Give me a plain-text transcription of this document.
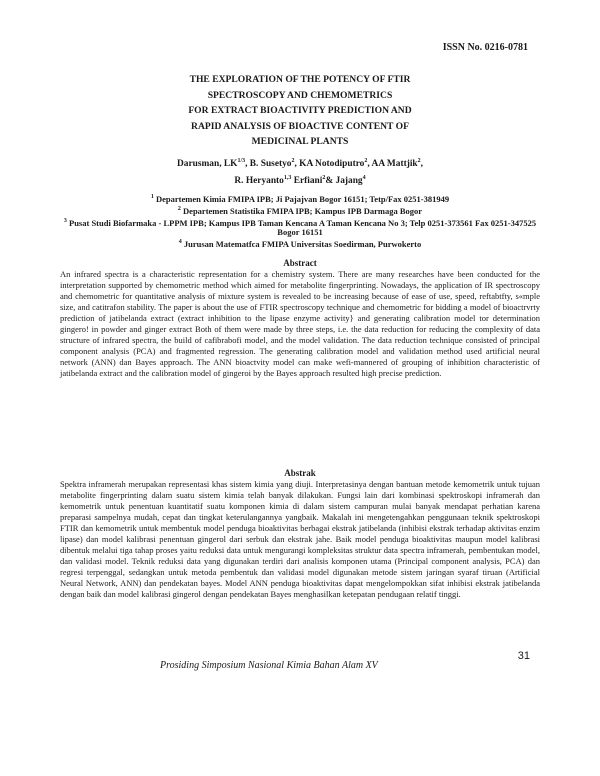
ISSN No. 0216-0781
THE EXPLORATION OF THE POTENCY OF FTIR
SPECTROSCOPY AND CHEMOMETRICS
FOR EXTRACT BIOACTIVITY PREDICTION AND
RAPID ANALYSIS OF BIOACTIVE CONTENT OF
MEDICINAL PLANTS
Darusman, $LK^{1/3}$, B. Susetyo$^2$, KA Notodiputro$^2$, AA Mattjik$^2$,
R. Heryanto$^{1,3}$ Erfiani$^2$& Jajang$^4$
$^1$ Departemen Kimia FMIPA IPB; Ji Pajajvan Bogor 16151; Tetp/Fax 0251-381949
$^2$ Departemen Statistika FMIPA IPB; Kampus IPB Darmaga Bogor
$^3$ Pusat Studi Biofarmaka - LPPM IPB; Kampus IPB Taman Kencana A Taman Kencana No 3; Telp 0251-373561 Fax 0251-347525 Bogor 16151
$^4$ Jurusan Matematfca FMIPA Universitas Soedirman, Purwokerto
Abstract

An infrared spectra is a characteristic representation for a chemistry system. There are many researches have been conducted for the interpretation supported by chemometric method which aimed for metabolite fingerprinting. Nowadays, the application of IR spectroscopy and chemometric for quantitative analysis of mixture system is revealed to be increasing because of ease of use, speed, reftabtfty, s«mple size, and catitrafon stability. The paper is about the use of FTIR spectroscopy technique and chemometric for bidding a model of bioactrvrty prediction of jatibelanda extract (extract inhibition to the lipase enzyme activity} and generating calibration model tor determination gingero! in powder and ginger extract Both of them were made by three steps, i.e. the data reduction for reducing the complexity of data structure of infrared spectra, the build of cafibrabofi model, and the model validation. The data reduction technique consisted of principal component analysis (PCA) and fragmented regression. The generating calibration model and validation method used artificial neural network (ANN) dan Bayes approach. The ANN bioactvity model can make wefi-mannered of grouping of inhibition characteristic of jatibelanda extract and the calibration model of gingeroi by the Bayes approach resulted high precise prediction.

Abstrak

Spektra inframerah merupakan representasi khas sistem kimia yang diuji. Interpretasinya dengan bantuan metode kemometrik untuk tujuan metabolite fingerprinting dalam suatu sistem kimia telah banyak dilakukan. Fungsi lain dari kombinasi spektroskopi inframerah dan kemometrik untuk penentuan kuantitatif suatu komponen kimia di dalam sistem campuran mulai banyak mendapat perhatian karena preparasi sampelnya mudah, cepat dan tingkat keterulangannya yangbaik. Makalah ini mengetengahkan penggunaan teknik spektroskopi FTIR dan kemometrik untuk membentuk model penduga bioaktivitas berbagai ekstrak jatibelanda (inhibisi ekstrak terhadap aktivitas enzim lipase) dan model kalibrasi penentuan gingerol dari serbuk dan ekstrak jahe. Baik model penduga bioaktivitas maupun model kalibrasi dibentuk melalui tiga tahap proses yaitu reduksi data untuk mengurangi kompleksitas struktur data spectra inframerah, pembentukan model, dan validasi model. Teknik reduksi data yang digunakan terdiri dari analisis komponen utama (Principal component analysis, PCA) dan regresi terpenggal, sedangkan untuk metoda pembentuk dan validasi model digunakan metode sistem jaringan syaraf tiruan (Artificial Neural Network, ANN) dan pendekatan bayes. Model ANN penduga bioaktivitas dapat mengelompokkan sifat inhibisi ekstrak jatibelanda dengan baik dan model kalibrasi gingerol dengan pendekatan Bayes menghasilkan ketepatan pendugaan relatif tinggi.

Prosiding Simposium Nasional Kimia Bahan Alam XV
31
